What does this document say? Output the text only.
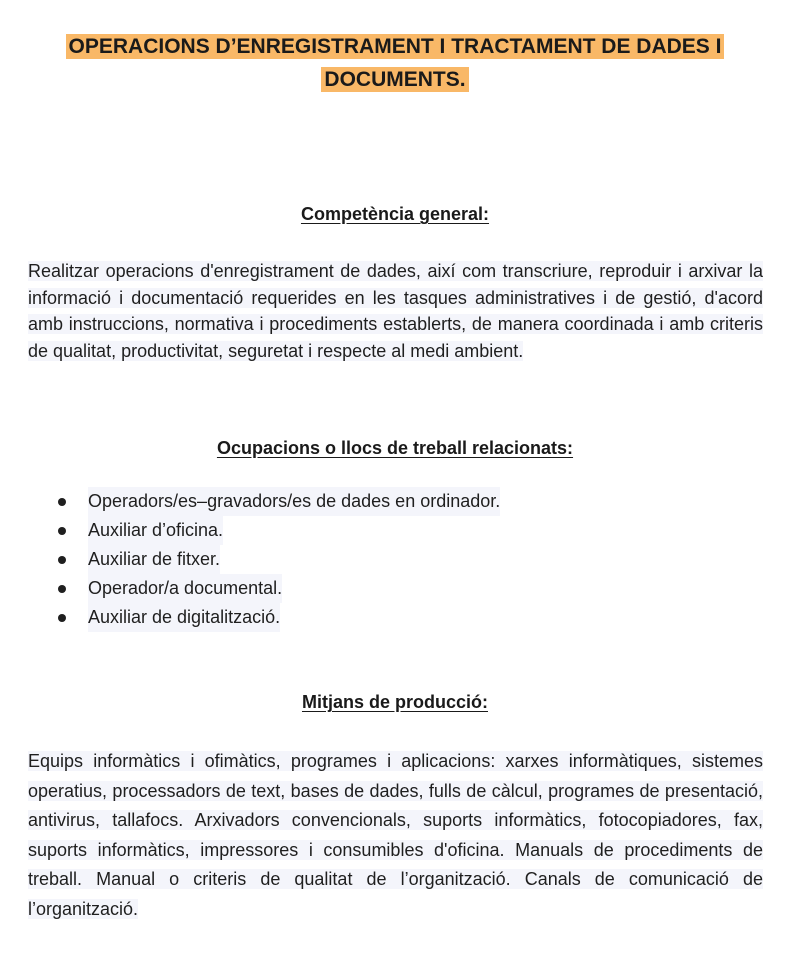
OPERACIONS D’ENREGISTRAMENT I TRACTAMENT DE DADES I
DOCUMENTS.
Competència general:
Realitzar operacions d'enregistrament de dades, així com transcriure, reproduir i arxivar la informació i documentació requerides en les tasques administratives i de gestió, d'acord amb instruccions, normativa i procediments establerts, de manera coordinada i amb criteris de qualitat, productivitat, seguretat i respecte al medi ambient.
Ocupacions o llocs de treball relacionats:
Operadors/es–gravadors/es de dades en ordinador.
Auxiliar d’oficina.
Auxiliar de fitxer.
Operador/a documental.
Auxiliar de digitalització.
Mitjans de producció:
Equips informàtics i ofimàtics, programes i aplicacions: xarxes informàtiques, sistemes operatius, processadors de text, bases de dades, fulls de càlcul, programes de presentació, antivirus, tallafocs. Arxivadors convencionals, suports informàtics, fotocopiadores, fax, suports informàtics, impressores i consumibles d'oficina. Manuals de procediments de treball. Manual o criteris de qualitat de l’organització. Canals de comunicació de l’organització.
